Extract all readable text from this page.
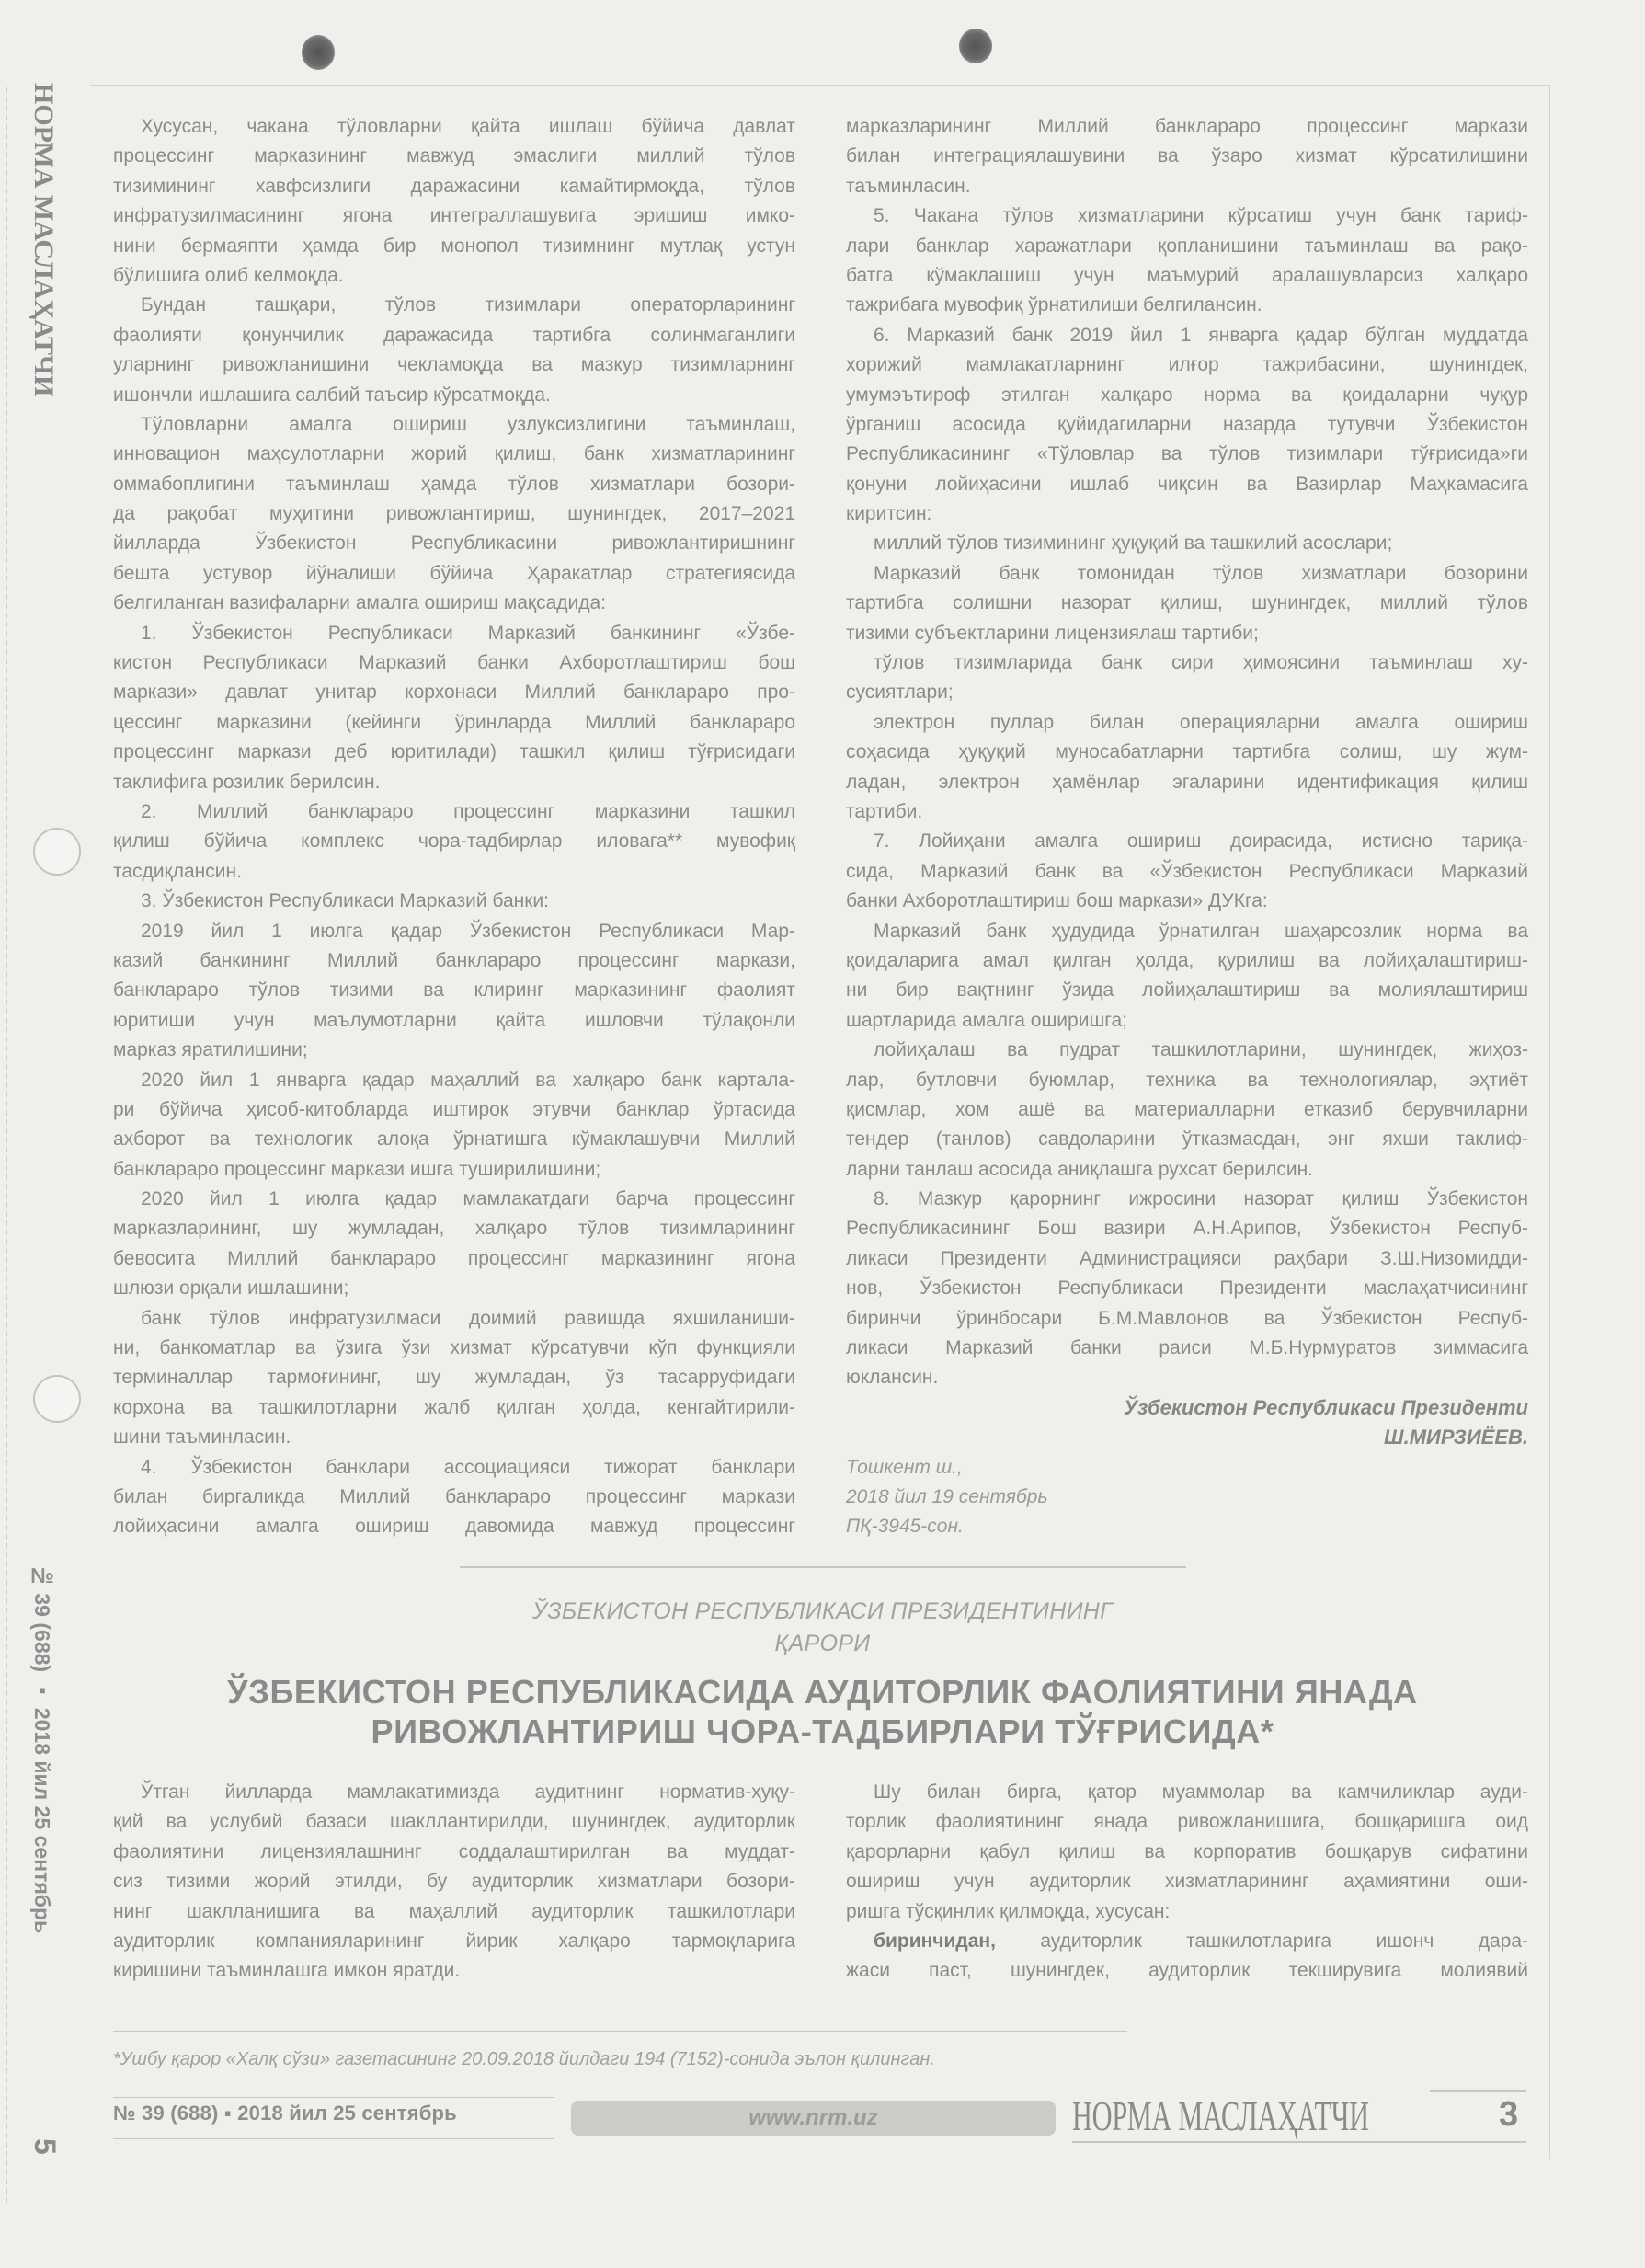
НОРМА МАСЛАҲАТЧИ
№ 39 (688) ▪ 2018 йил 25 сентябрь
5
Хусусан, чакана тўловларни қайта ишлаш бўйича давлат
процессинг марказининг мавжуд эмаслиги миллий тўлов
тизимининг хавфсизлиги даражасини камайтирмоқда, тўлов
инфратузилмасининг ягона интеграллашувига эришиш имко-
нини бермаяпти ҳамда бир монопол тизимнинг мутлақ устун
бўлишига олиб келмоқда.
Бундан ташқари, тўлов тизимлари операторларининг
фаолияти қонунчилик даражасида тартибга солинмаганлиги
уларнинг ривожланишини чекламоқда ва мазкур тизимларнинг
ишончли ишлашига салбий таъсир кўрсатмоқда.
Тўловларни амалга ошириш узлуксизлигини таъминлаш,
инновацион маҳсулотларни жорий қилиш, банк хизматларининг
оммабоплигини таъминлаш ҳамда тўлов хизматлари бозори-
да рақобат муҳитини ривожлантириш, шунингдек, 2017–2021
йилларда Ўзбекистон Республикасини ривожлантиришнинг
бешта устувор йўналиши бўйича Ҳаракатлар стратегиясида
белгиланган вазифаларни амалга ошириш мақсадида:
1. Ўзбекистон Республикаси Марказий банкининг «Ўзбе-
кистон Республикаси Марказий банки Ахборотлаштириш бош
маркази» давлат унитар корхонаси Миллий банклараро про-
цессинг марказини (кейинги ўринларда Миллий банклараро
процессинг маркази деб юритилади) ташкил қилиш тўғрисидаги
таклифига розилик берилсин.
2. Миллий банклараро процессинг марказини ташкил
қилиш бўйича комплекс чора-тадбирлар иловага** мувофиқ
тасдиқлансин.
3. Ўзбекистон Республикаси Марказий банки:
2019 йил 1 июлга қадар Ўзбекистон Республикаси Мар-
казий банкининг Миллий банклараро процессинг маркази,
банклараро тўлов тизими ва клиринг марказининг фаолият
юритиши учун маълумотларни қайта ишловчи тўлақонли
марказ яратилишини;
2020 йил 1 январга қадар маҳаллий ва халқаро банк картала-
ри бўйича ҳисоб-китобларда иштирок этувчи банклар ўртасида
ахборот ва технологик алоқа ўрнатишга кўмаклашувчи Миллий
банклараро процессинг маркази ишга туширилишини;
2020 йил 1 июлга қадар мамлакатдаги барча процессинг
марказларининг, шу жумладан, халқаро тўлов тизимларининг
бевосита Миллий банклараро процессинг марказининг ягона
шлюзи орқали ишлашини;
банк тўлов инфратузилмаси доимий равишда яхшиланиши-
ни, банкоматлар ва ўзига ўзи хизмат кўрсатувчи кўп функцияли
терминаллар тармоғининг, шу жумладан, ўз тасарруфидаги
корхона ва ташкилотларни жалб қилган ҳолда, кенгайтирили-
шини таъминласин.
4. Ўзбекистон банклари ассоциацияси тижорат банклари
билан биргаликда Миллий банклараро процессинг маркази
лойиҳасини амалга ошириш давомида мавжуд процессинг
марказларининг Миллий банклараро процессинг маркази
билан интеграциялашувини ва ўзаро хизмат кўрсатилишини
таъминласин.
5. Чакана тўлов хизматларини кўрсатиш учун банк тариф-
лари банклар харажатлари қопланишини таъминлаш ва рақо-
батга кўмаклашиш учун маъмурий аралашувларсиз халқаро
тажрибага мувофиқ ўрнатилиши белгилансин.
6. Марказий банк 2019 йил 1 январга қадар бўлган муддатда
хорижий мамлакатларнинг илғор тажрибасини, шунингдек,
умумэътироф этилган халқаро норма ва қоидаларни чуқур
ўрганиш асосида қуйидагиларни назарда тутувчи Ўзбекистон
Республикасининг «Тўловлар ва тўлов тизимлари тўғрисида»ги
қонуни лойиҳасини ишлаб чиқсин ва Вазирлар Маҳкамасига
киритсин:
миллий тўлов тизимининг ҳуқуқий ва ташкилий асослари;
Марказий банк томонидан тўлов хизматлари бозорини
тартибга солишни назорат қилиш, шунингдек, миллий тўлов
тизими субъектларини лицензиялаш тартиби;
тўлов тизимларида банк сири ҳимоясини таъминлаш ху-
сусиятлари;
электрон пуллар билан операцияларни амалга ошириш
соҳасида ҳуқуқий муносабатларни тартибга солиш, шу жум-
ладан, электрон ҳамёнлар эгаларини идентификация қилиш
тартиби.
7. Лойиҳани амалга ошириш доирасида, истисно тариқа-
сида, Марказий банк ва «Ўзбекистон Республикаси Марказий
банки Ахборотлаштириш бош маркази» ДУКга:
Марказий банк ҳудудида ўрнатилган шаҳарсозлик норма ва
қоидаларига амал қилган ҳолда, қурилиш ва лойиҳалаштириш-
ни бир вақтнинг ўзида лойиҳалаштириш ва молиялаштириш
шартларида амалга оширишга;
лойиҳалаш ва пудрат ташкилотларини, шунингдек, жиҳоз-
лар, бутловчи буюмлар, техника ва технологиялар, эҳтиёт
қисмлар, хом ашё ва материалларни етказиб берувчиларни
тендер (танлов) савдоларини ўтказмасдан, энг яхши таклиф-
ларни танлаш асосида аниқлашга рухсат берилсин.
8. Мазкур қарорнинг ижросини назорат қилиш Ўзбекистон
Республикасининг Бош вазири А.Н.Арипов, Ўзбекистон Респуб-
ликаси Президенти Администрацияси раҳбари З.Ш.Низомидди-
нов, Ўзбекистон Республикаси Президенти маслаҳатчисининг
биринчи ўринбосари Б.М.Мавлонов ва Ўзбекистон Респуб-
ликаси Марказий банки раиси М.Б.Нурмуратов зиммасига
юклансин.
Ўзбекистон Республикаси Президенти
Ш.МИРЗИЁЕВ.
Тошкент ш.,
2018 йил 19 сентябрь
ПҚ-3945-сон.
ЎЗБЕКИСТОН РЕСПУБЛИКАСИ ПРЕЗИДЕНТИНИНГ
ҚАРОРИ
ЎЗБЕКИСТОН РЕСПУБЛИКАСИДА АУДИТОРЛИК ФАОЛИЯТИНИ ЯНАДА
РИВОЖЛАНТИРИШ ЧОРА-ТАДБИРЛАРИ ТЎҒРИСИДА*
Ўтган йилларда мамлакатимизда аудитнинг норматив-ҳуқу-
қий ва услубий базаси шакллантирилди, шунингдек, аудиторлик
фаолиятини лицензиялашнинг соддалаштирилган ва муддат-
сиз тизими жорий этилди, бу аудиторлик хизматлари бозори-
нинг шаклланишига ва маҳаллий аудиторлик ташкилотлари
аудиторлик компанияларининг йирик халқаро тармоқларига
киришини таъминлашга имкон яратди.
Шу билан бирга, қатор муаммолар ва камчиликлар ауди-
торлик фаолиятининг янада ривожланишига, бошқаришга оид
қарорларни қабул қилиш ва корпоратив бошқарув сифатини
ошириш учун аудиторлик хизматларининг аҳамиятини оши-
ришга тўсқинлик қилмоқда, хусусан:
биринчидан, аудиторлик ташкилотларига ишонч дара-
жаси паст, шунингдек, аудиторлик текширувига молиявий
*Ушбу қарор «Халқ сўзи» газетасининг 20.09.2018 йилдаги 194 (7152)-сонида эълон қилинган.
№ 39 (688) ▪ 2018 йил 25 сентябрь	www.nrm.uz	НОРМА МАСЛАҲАТЧИ	3
